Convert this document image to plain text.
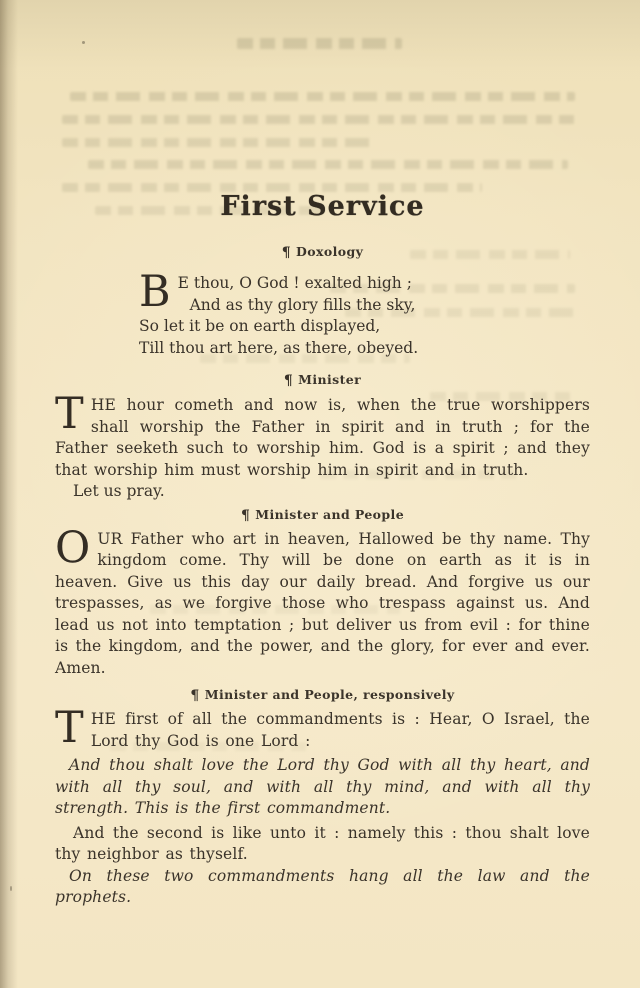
First Service
¶ Doxology
B E thou, O God ! exalted high ;
And as thy glory fills the sky,
So let it be on earth displayed,
Till thou art here, as there, obeyed.
¶ Minister

THE hour cometh and now is, when the true worshippers shall worship the Father in spirit and in truth ; for the Father seeketh such to worship him. God is a spirit ; and they that worship him must worship him in spirit and in truth.

Let us pray.

¶ Minister and People

OUR Father who art in heaven, Hallowed be thy name. Thy kingdom come. Thy will be done on earth as it is in heaven. Give us this day our daily bread. And forgive us our trespasses, as we forgive those who trespass against us. And lead us not into temptation ; but deliver us from evil : for thine is the kingdom, and the power, and the glory, for ever and ever. Amen.

¶ Minister and People, responsively

THE first of all the commandments is : Hear, O Israel, the Lord thy God is one Lord :

And thou shalt love the Lord thy God with all thy heart, and with all thy soul, and with all thy mind, and with all thy strength. This is the first commandment.

And the second is like unto it : namely this : thou shalt love thy neighbor as thyself.

On these two commandments hang all the law and the prophets.
